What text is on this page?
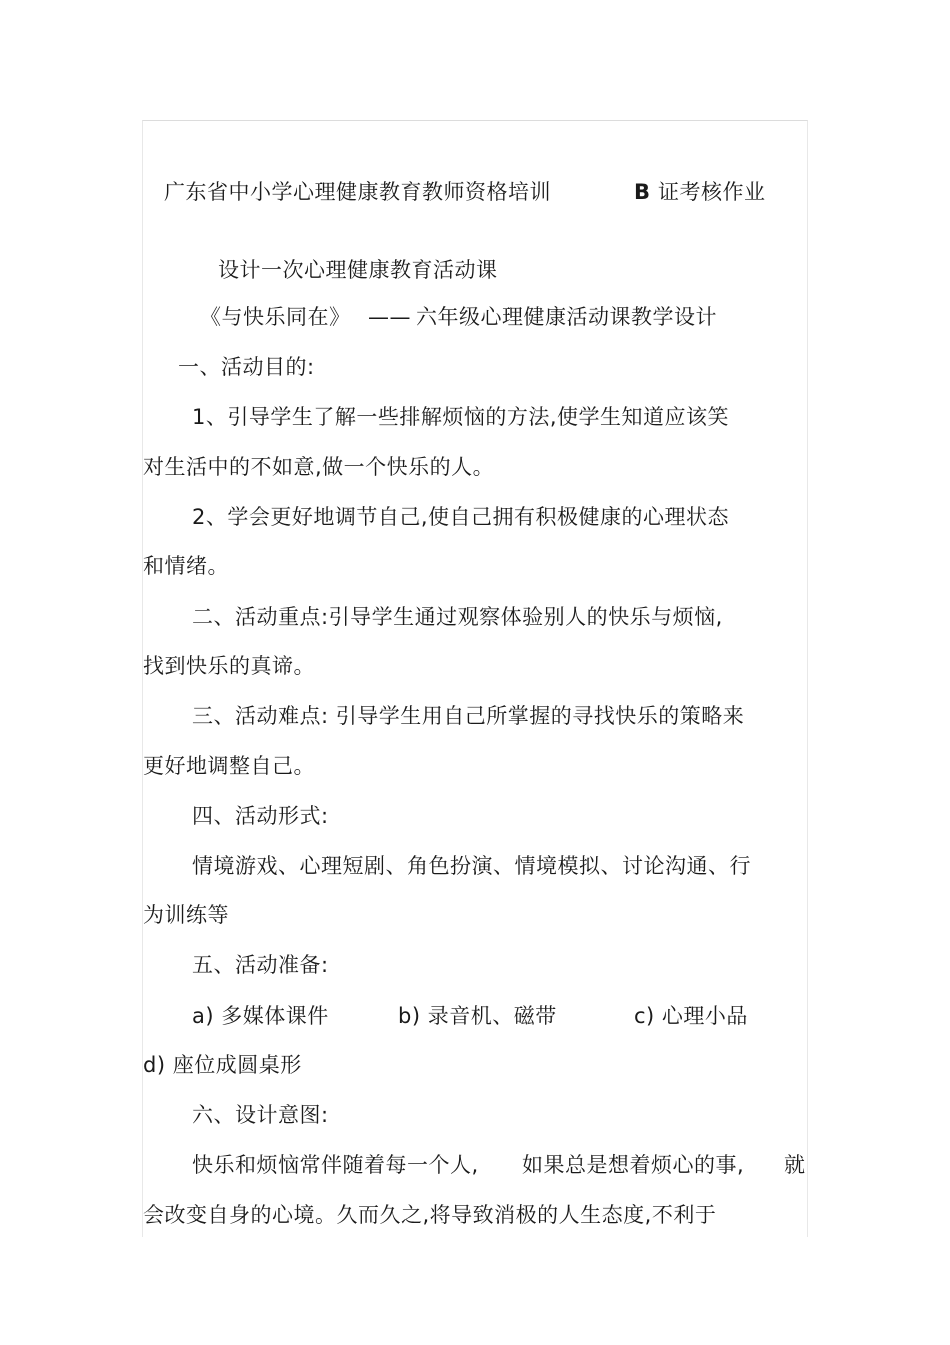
广东省中小学心理健康教育教师资格培训	B 证考核作业
设计一次心理健康教育活动课
《与快乐同在》 —— 六年级心理健康活动课教学设计
一、活动目的:
1、引导学生了解一些排解烦恼的方法,使学生知道应该笑
对生活中的不如意,做一个快乐的人。
2、学会更好地调节自己,使自己拥有积极健康的心理状态
和情绪。
二、活动重点:引导学生通过观察体验别人的快乐与烦恼,
找到快乐的真谛。
三、活动难点: 引导学生用自己所掌握的寻找快乐的策略来
更好地调整自己。
四、活动形式:
情境游戏、心理短剧、角色扮演、情境模拟、讨论沟通、行
为训练等
五、活动准备:
a) 多媒体课件	b) 录音机、磁带	c) 心理小品
d) 座位成圆桌形
六、设计意图:
快乐和烦恼常伴随着每一个人, 如果总是想着烦心的事, 就
会改变自身的心境。久而久之,将导致消极的人生态度,不利于
